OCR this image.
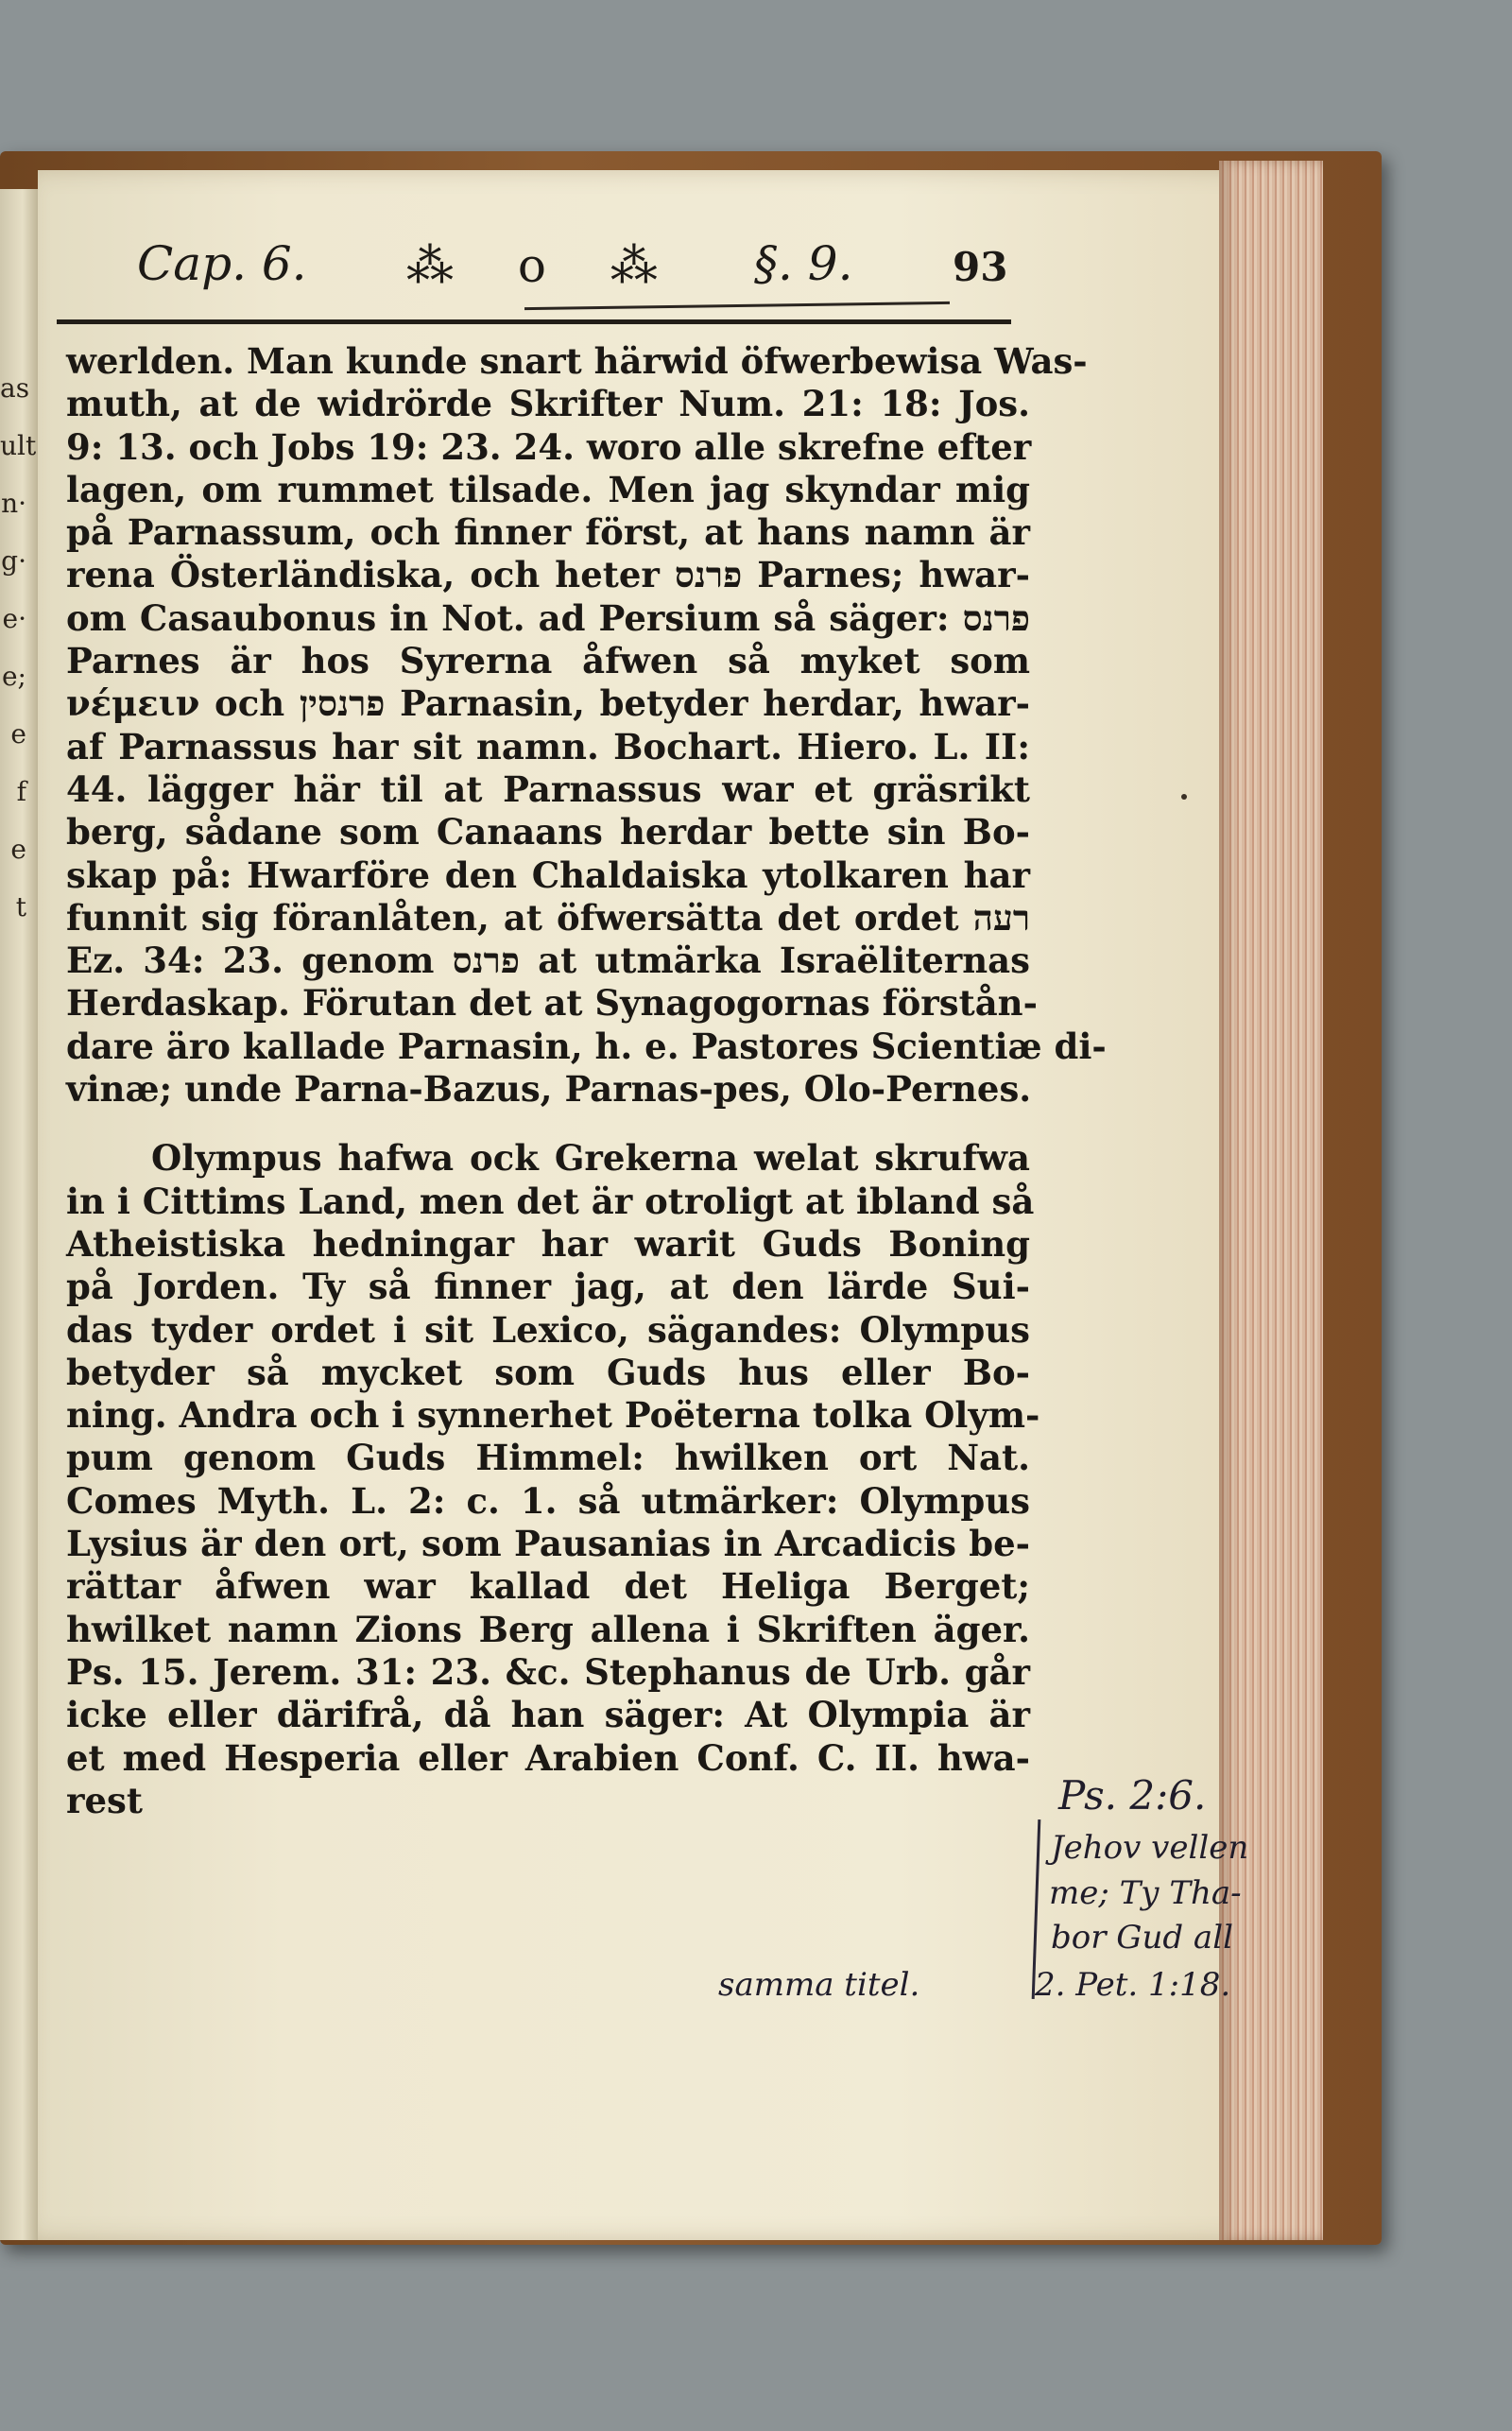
as
ult
n·
g·
e·
e;
e
f
e
t
Cap. 6. ⁂ o ⁂ §. 9.	93
werlden. Man kunde snart härwid öfwerbewisa Was-
muth, at de widrörde Skrifter Num. 21: 18: Jos.
9: 13. och Jobs 19: 23. 24. woro alle skrefne efter
lagen, om rummet tilsade. Men jag skyndar mig
på Parnassum, och finner först, at hans namn är
rena Österländiska, och heter פרנס Parnes; hwar-
om Casaubonus in Not. ad Persium så säger: פרנס
Parnes är hos Syrerna åfwen så myket som
νέμειν och פרנסין Parnasin, betyder herdar, hwar-
af Parnassus har sit namn. Bochart. Hiero. L. II:
44. lägger här til at Parnassus war et gräsrikt
berg, sådane som Canaans herdar bette sin Bo-
skap på: Hwarföre den Chaldaiska ytolkaren har
funnit sig föranlåten, at öfwersätta det ordet רעה
Ez. 34: 23. genom פרנס at utmärka Israëliternas
Herdaskap. Förutan det at Synagogornas förstån-
dare äro kallade Parnasin, h. e. Pastores Scientiæ di-
vinæ; unde Parna-Bazus, Parnas-pes, Olo-Pernes.
Olympus hafwa ock Grekerna welat skrufwa
in i Cittims Land, men det är otroligt at ibland så
Atheistiska hedningar har warit Guds Boning
på Jorden. Ty så finner jag, at den lärde Sui-
das tyder ordet i sit Lexico, sägandes: Olympus
betyder så mycket som Guds hus eller Bo-
ning. Andra och i synnerhet Poëterna tolka Olym-
pum genom Guds Himmel: hwilken ort Nat.
Comes Myth. L. 2: c. 1. så utmärker: Olympus
Lysius är den ort, som Pausanias in Arcadicis be-
rättar åfwen war kallad det Heliga Berget;
hwilket namn Zions Berg allena i Skriften äger.
Ps. 15. Jerem. 31: 23. &c. Stephanus de Urb. går
icke eller därifrå, då han säger: At Olympia är
et med Hesperia eller Arabien Conf. C. II. hwa-
rest	Ps. 2:6.
Jehov vellen
me; Ty Tha-
bor Gud all
samma titel.	2. Pet. 1:18.
